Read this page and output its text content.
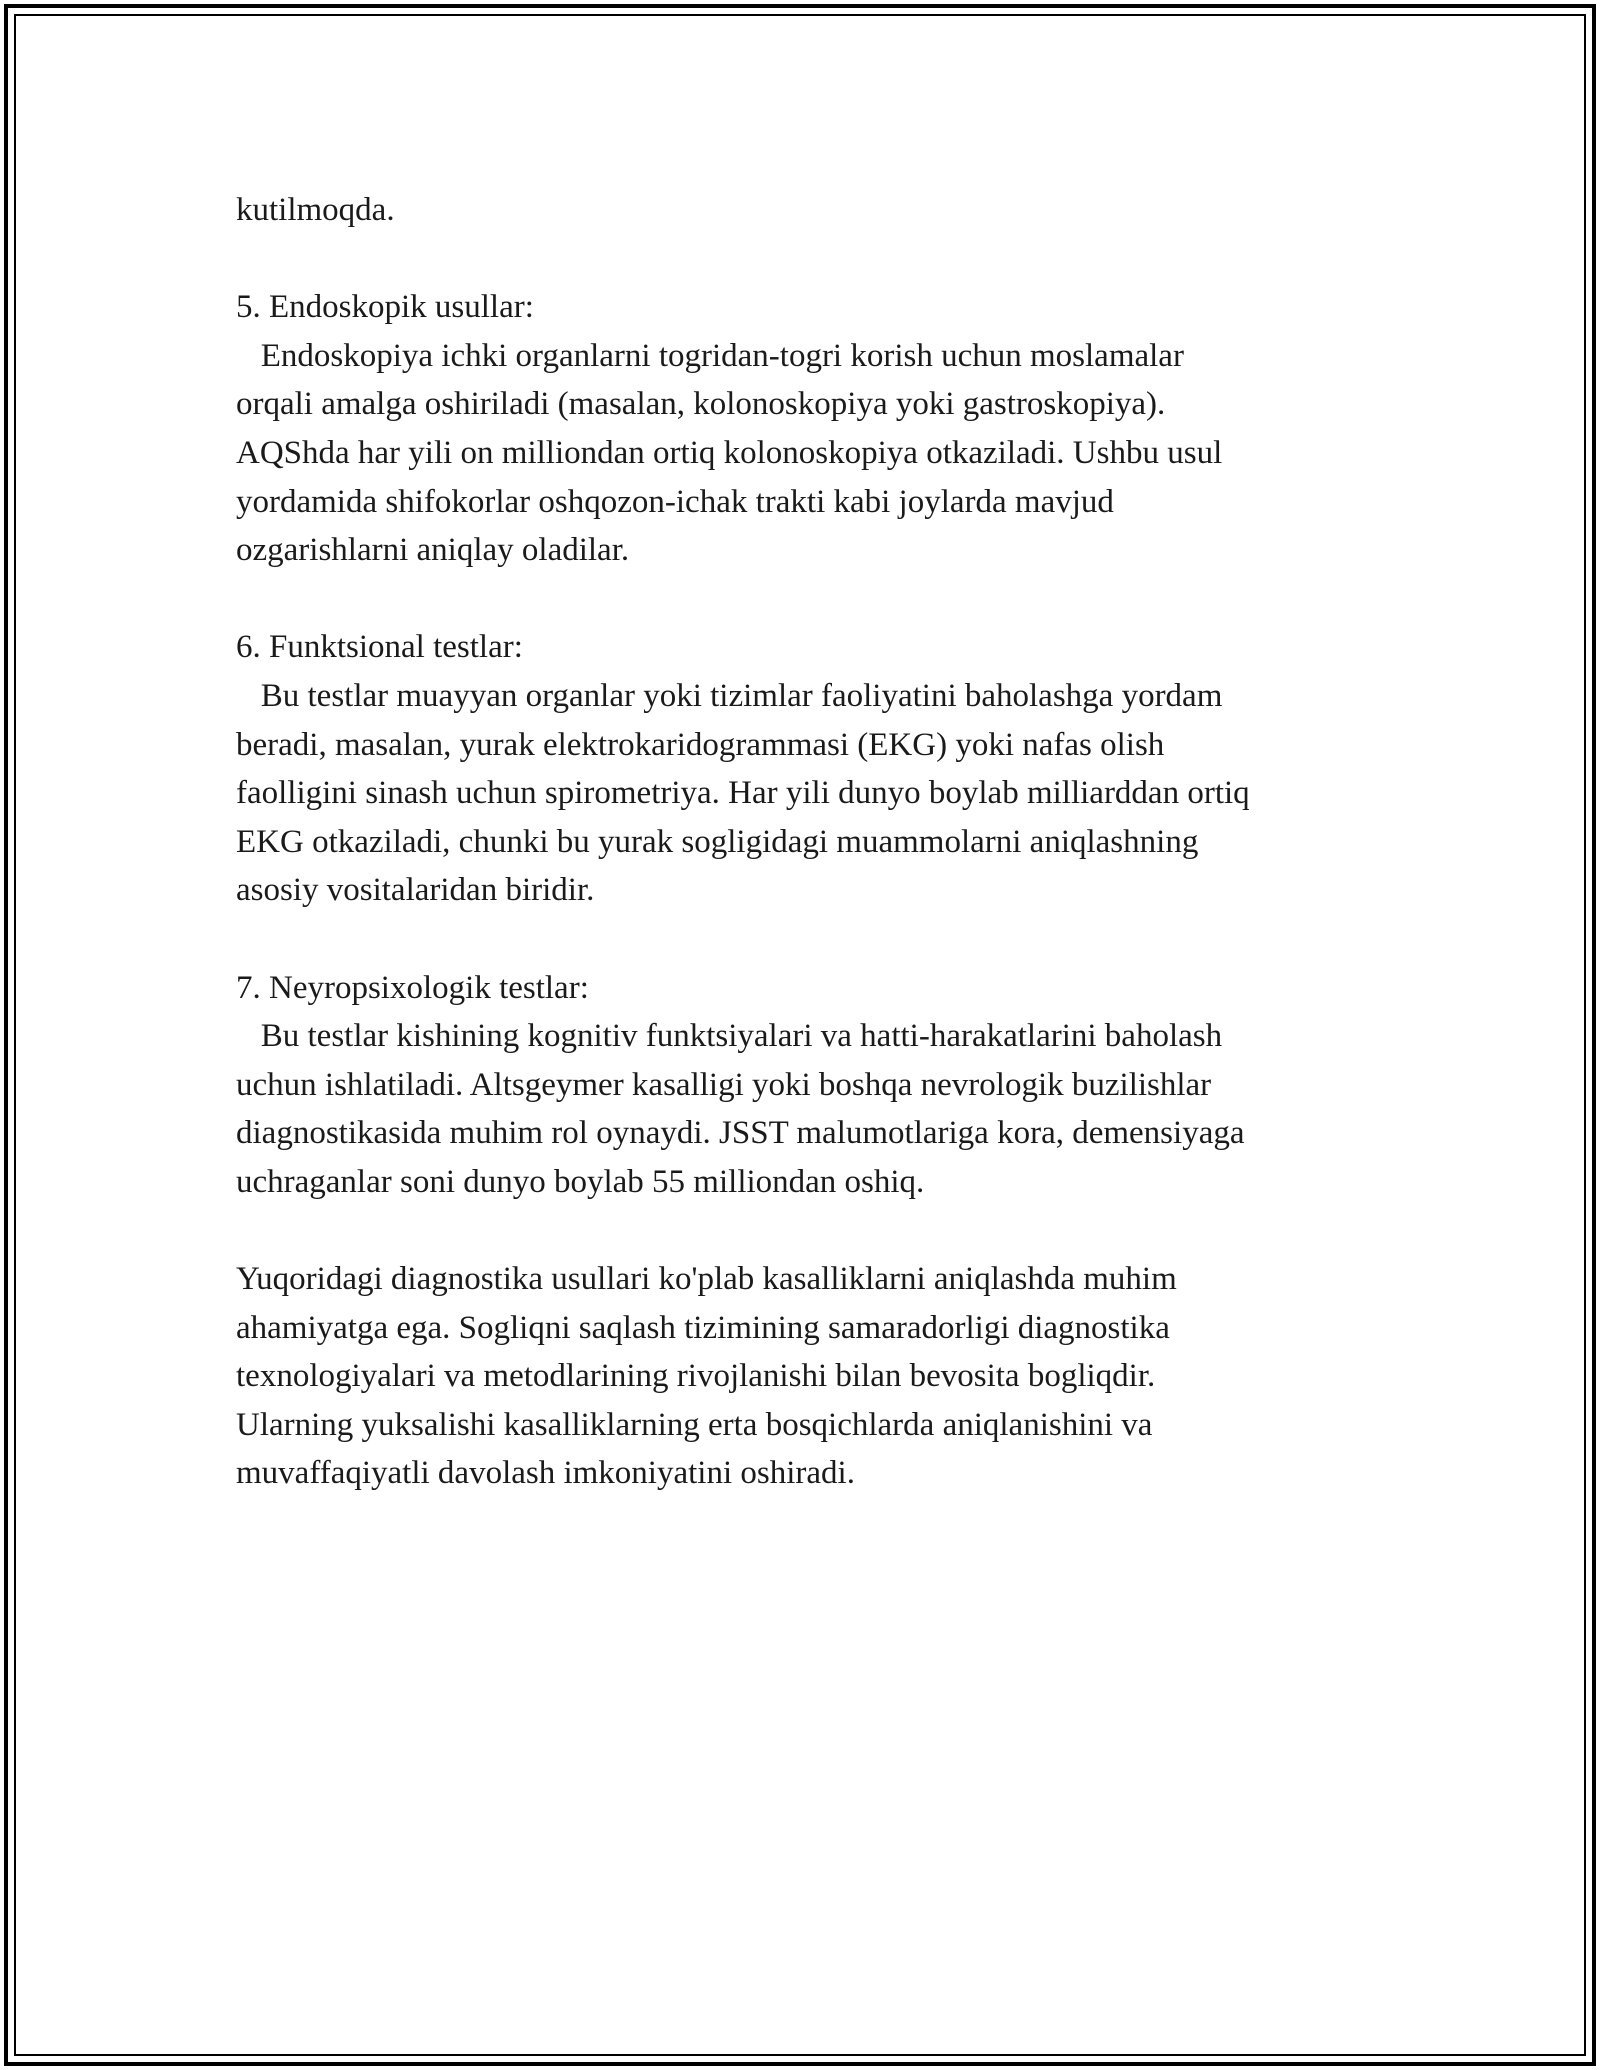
kutilmoqda.

5. Endoskopik usullar:

Endoskopiya ichki organlarni togridan-togri korish uchun moslamalar
orqali amalga oshiriladi (masalan, kolonoskopiya yoki gastroskopiya).
AQShda har yili on milliondan ortiq kolonoskopiya otkaziladi. Ushbu usul
yordamida shifokorlar oshqozon-ichak trakti kabi joylarda mavjud
ozgarishlarni aniqlay oladilar.

6. Funktsional testlar:

Bu testlar muayyan organlar yoki tizimlar faoliyatini baholashga yordam
beradi, masalan, yurak elektrokaridogrammasi (EKG) yoki nafas olish
faolligini sinash uchun spirometriya. Har yili dunyo boylab milliarddan ortiq
EKG otkaziladi, chunki bu yurak sogligidagi muammolarni aniqlashning
asosiy vositalaridan biridir.

7. Neyropsixologik testlar:

Bu testlar kishining kognitiv funktsiyalari va hatti-harakatlarini baholash
uchun ishlatiladi. Altsgeymer kasalligi yoki boshqa nevrologik buzilishlar
diagnostikasida muhim rol oynaydi. JSST malumotlariga kora, demensiyaga
uchraganlar soni dunyo boylab 55 milliondan oshiq.

Yuqoridagi diagnostika usullari ko'plab kasalliklarni aniqlashda muhim
ahamiyatga ega. Sogliqni saqlash tizimining samaradorligi diagnostika
texnologiyalari va metodlarining rivojlanishi bilan bevosita bogliqdir.
Ularning yuksalishi kasalliklarning erta bosqichlarda aniqlanishini va
muvaffaqiyatli davolash imkoniyatini oshiradi.
